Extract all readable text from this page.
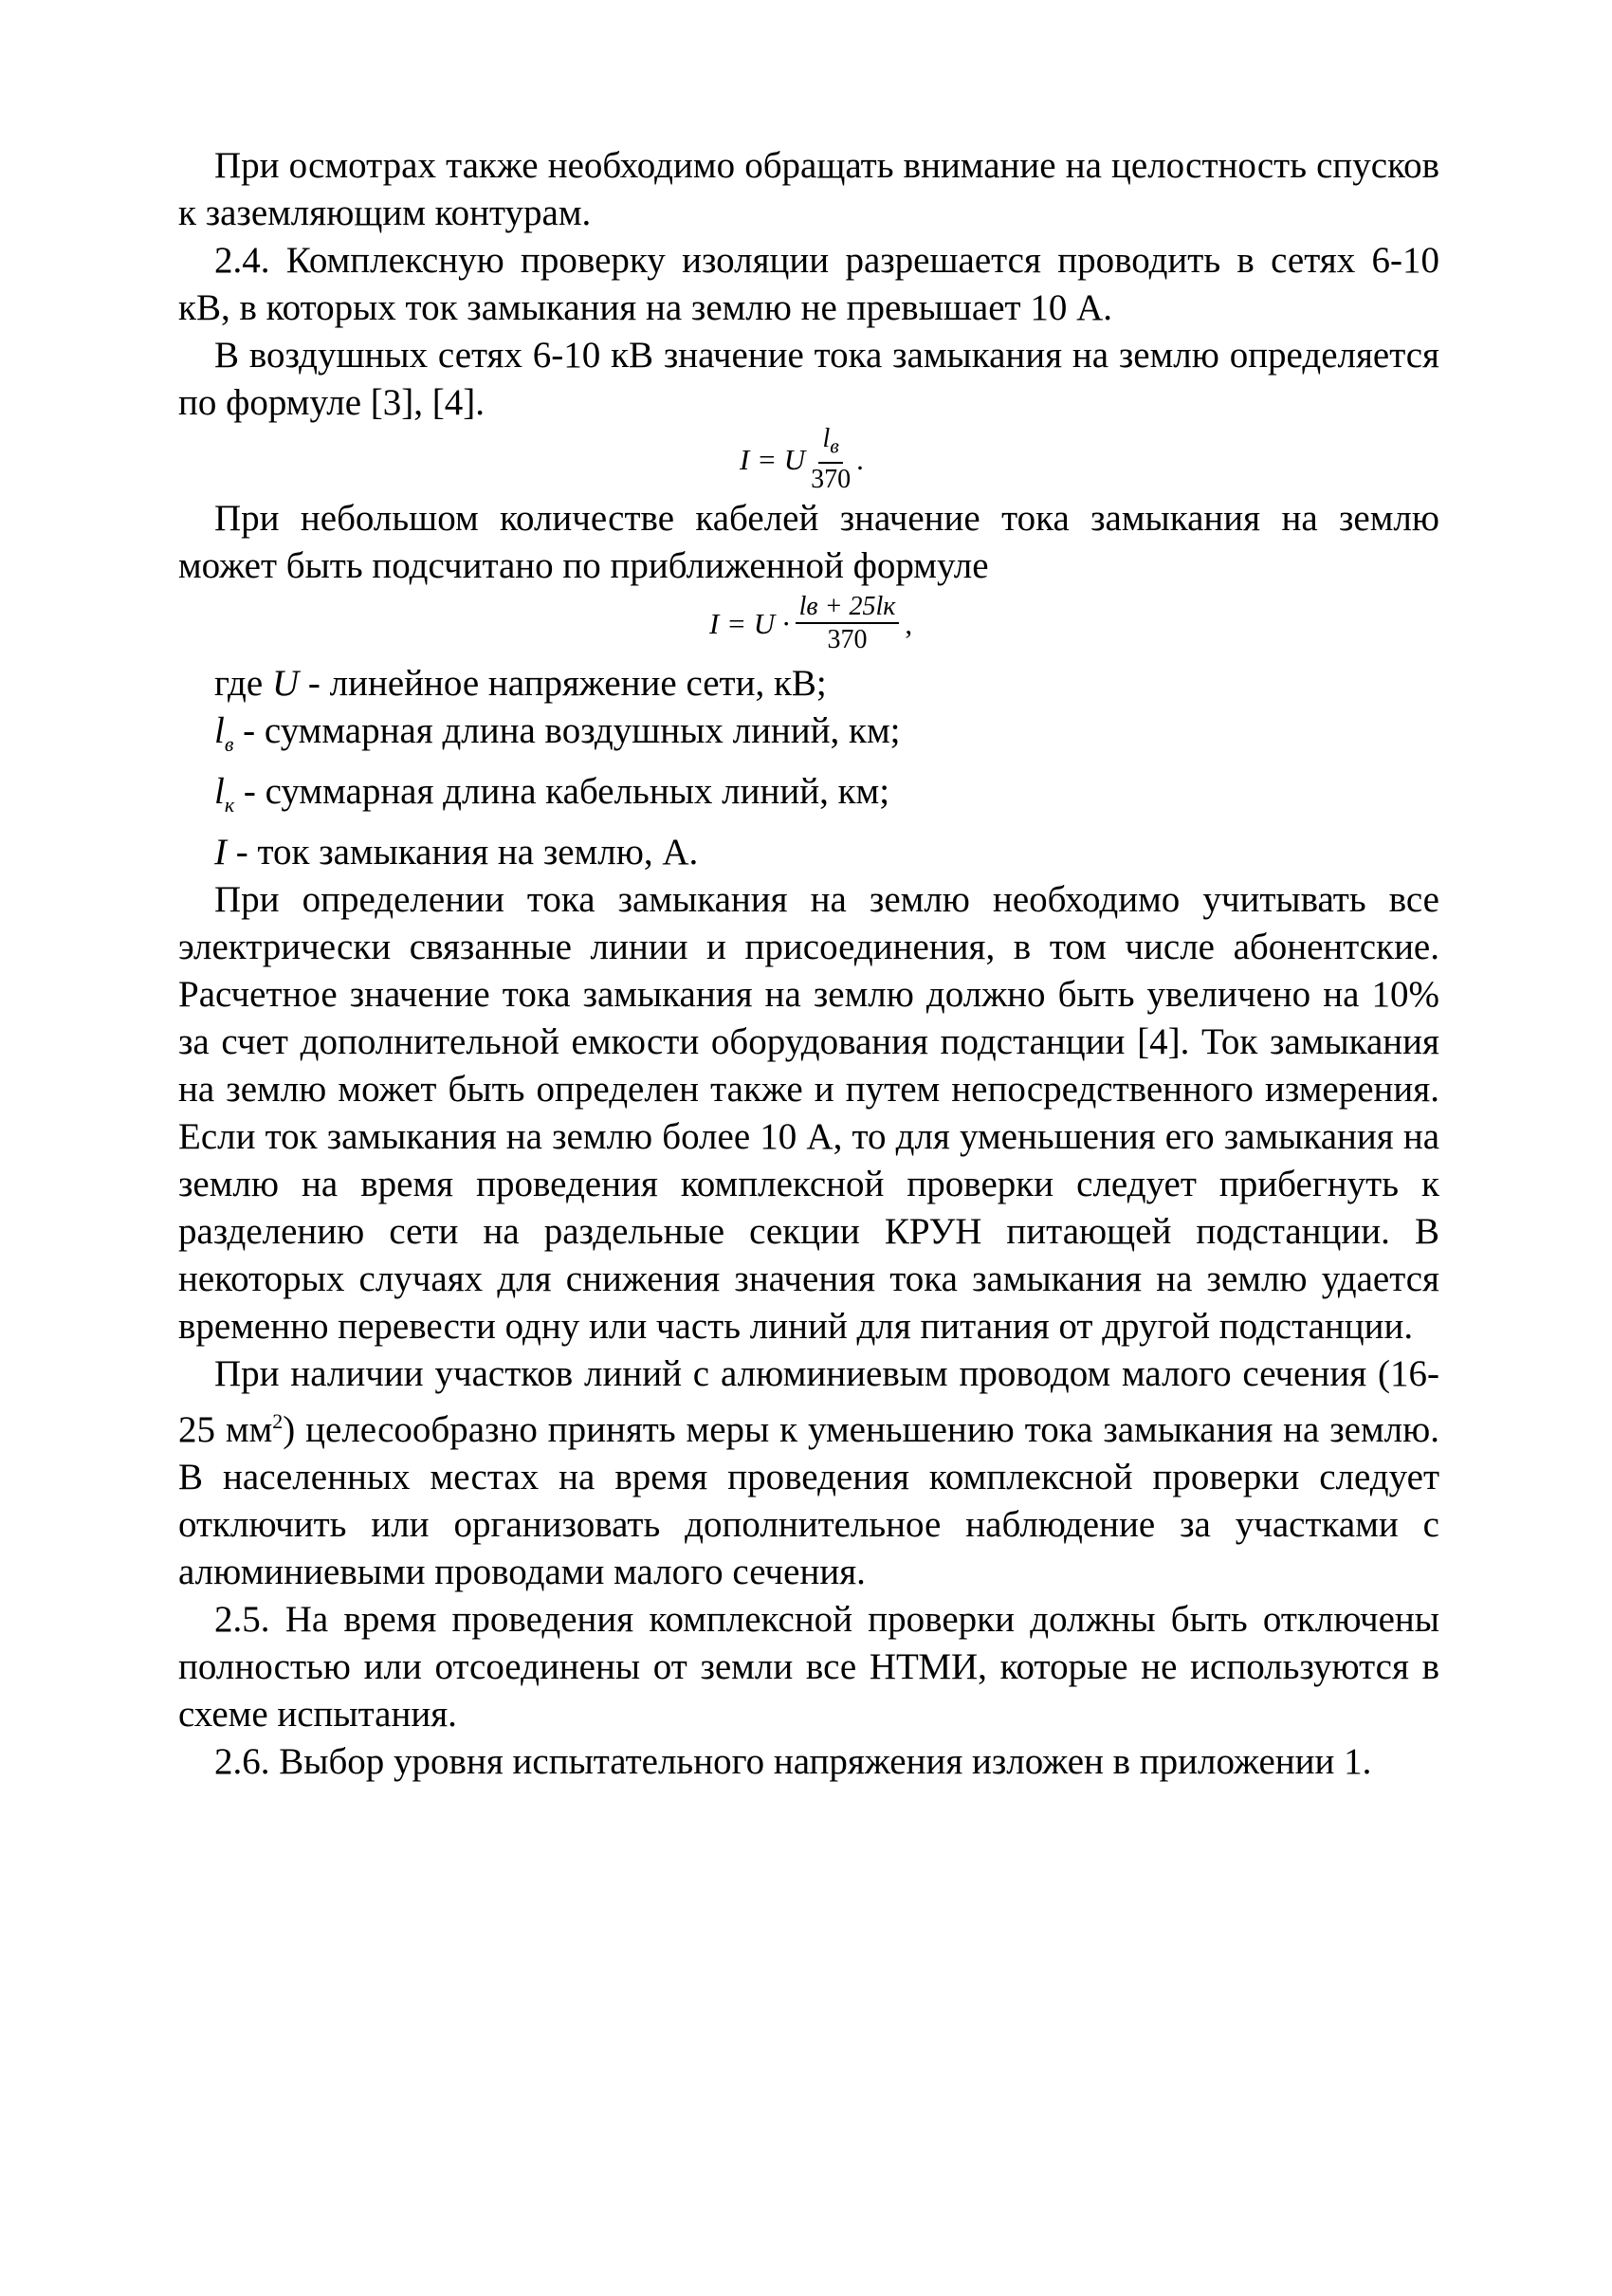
При осмотрах также необходимо обращать внимание на целостность спусков к заземляющим контурам.

2.4. Комплексную проверку изоляции разрешается проводить в сетях 6-10 кВ, в которых ток замыкания на землю не превышает 10 А.

В воздушных сетях 6-10 кВ значение тока замыкания на землю определяется по формуле [3], [4].

I = U $\frac{l_в}{370}$ .

При небольшом количестве кабелей значение тока замыкания на землю может быть подсчитано по приближенной формуле

$I = U \cdot \frac{lв + 25lк}{370}$ ,

где U - линейное напряжение сети, кВ;

$l_в$ - суммарная длина воздушных линий, км;

$l_к$ - суммарная длина кабельных линий, км;

I - ток замыкания на землю, А.

При определении тока замыкания на землю необходимо учитывать все электрически связанные линии и присоединения, в том числе абонентские. Расчетное значение тока замыкания на землю должно быть увеличено на 10% за счет дополнительной емкости оборудования подстанции [4]. Ток замыкания на землю может быть определен также и путем непосредственного измерения. Если ток замыкания на землю более 10 А, то для уменьшения его замыкания на землю на время проведения комплексной проверки следует прибегнуть к разделению сети на раздельные секции КРУН питающей подстанции. В некоторых случаях для снижения значения тока замыкания на землю удается временно перевести одну или часть линий для питания от другой подстанции.

При наличии участков линий с алюминиевым проводом малого сечения (16-25 $мм^2$) целесообразно принять меры к уменьшению тока замыкания на землю. В населенных местах на время проведения комплексной проверки следует отключить или организовать дополнительное наблюдение за участками с алюминиевыми проводами малого сечения.

2.5. На время проведения комплексной проверки должны быть отключены полностью или отсоединены от земли все НТМИ, которые не используются в схеме испытания.

2.6. Выбор уровня испытательного напряжения изложен в приложении 1.
